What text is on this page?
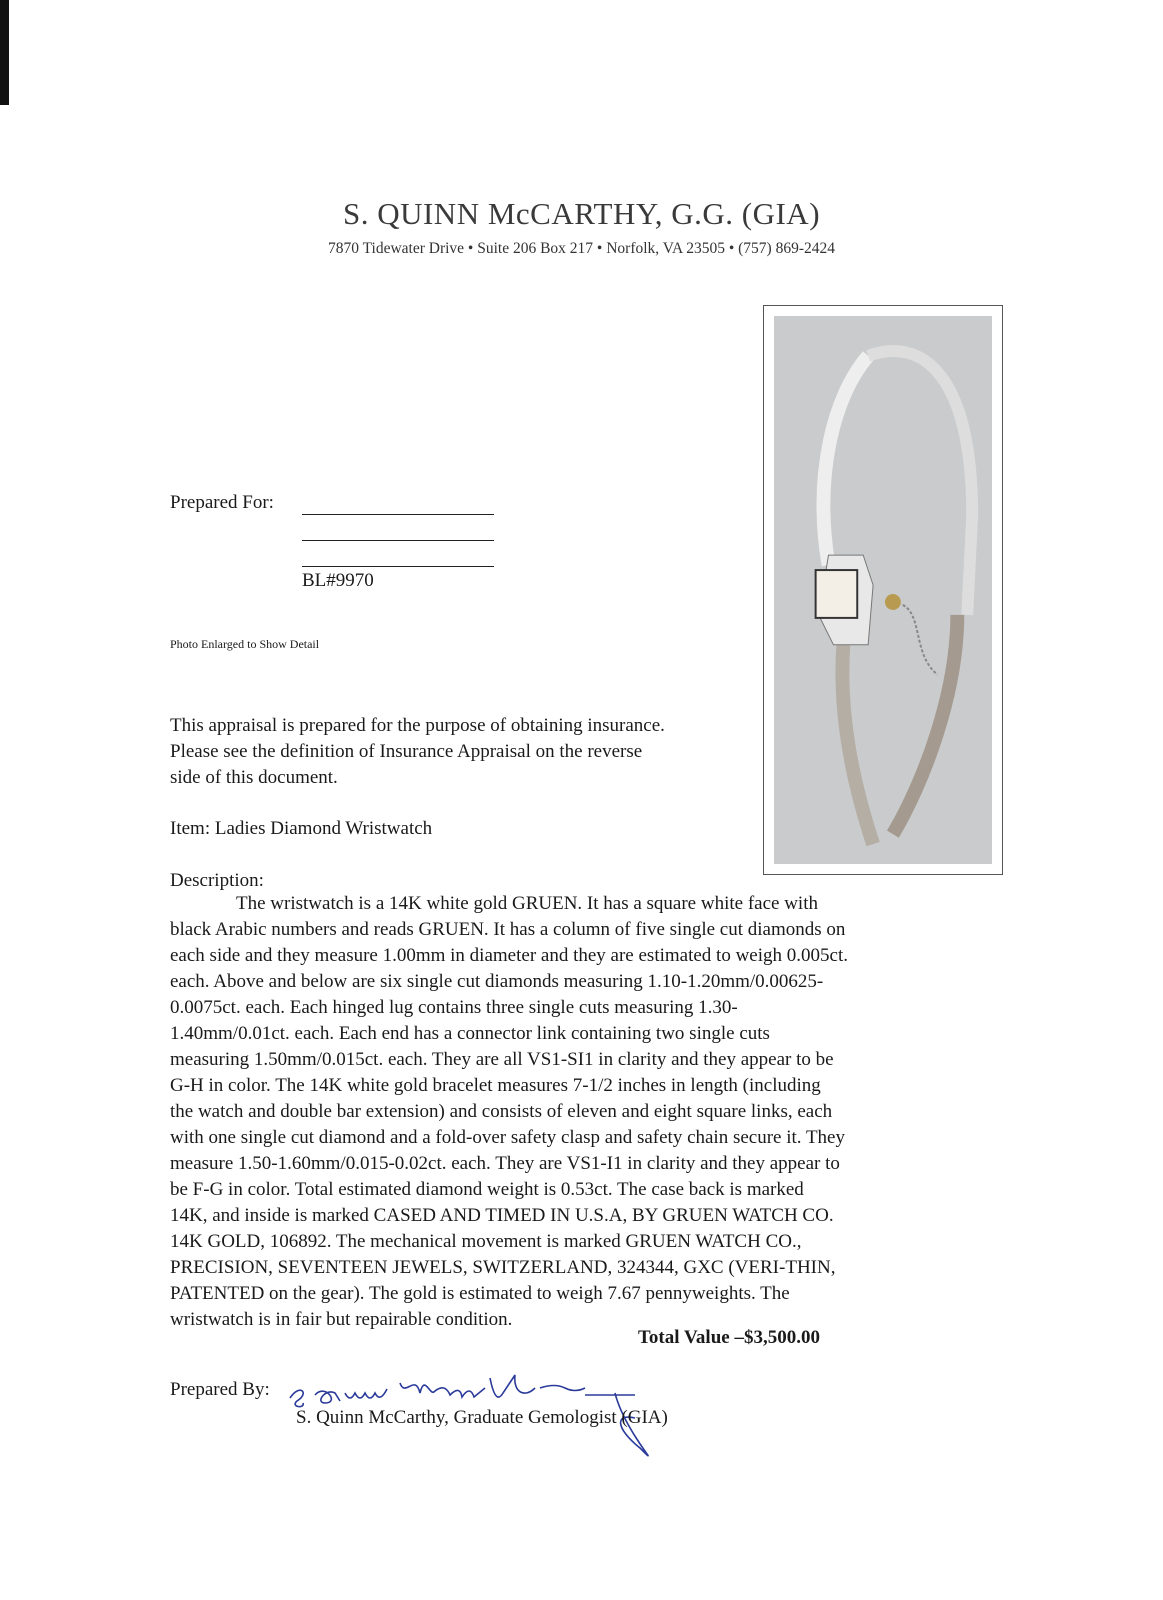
S. QUINN McCARTHY, G.G. (GIA)
7870 Tidewater Drive • Suite 206 Box 217 • Norfolk, VA 23505 • (757) 869-2424
Prepared For:
BL#9970
Photo Enlarged to Show Detail
This appraisal is prepared for the purpose of obtaining insurance.
Please see the definition of Insurance Appraisal on the reverse
side of this document.
Item: Ladies Diamond Wristwatch
Description:
The wristwatch is a 14K white gold GRUEN. It has a square white face with
black Arabic numbers and reads GRUEN. It has a column of five single cut diamonds on
each side and they measure 1.00mm in diameter and they are estimated to weigh 0.005ct.
each. Above and below are six single cut diamonds measuring 1.10-1.20mm/0.00625-
0.0075ct. each. Each hinged lug contains three single cuts measuring 1.30-
1.40mm/0.01ct. each. Each end has a connector link containing two single cuts
measuring 1.50mm/0.015ct. each. They are all VS1-SI1 in clarity and they appear to be
G-H in color. The 14K white gold bracelet measures 7-1/2 inches in length (including
the watch and double bar extension) and consists of eleven and eight square links, each
with one single cut diamond and a fold-over safety clasp and safety chain secure it. They
measure 1.50-1.60mm/0.015-0.02ct. each. They are VS1-I1 in clarity and they appear to
be F-G in color. Total estimated diamond weight is 0.53ct. The case back is marked
14K, and inside is marked CASED AND TIMED IN U.S.A, BY GRUEN WATCH CO.
14K GOLD, 106892. The mechanical movement is marked GRUEN WATCH CO.,
PRECISION, SEVENTEEN JEWELS, SWITZERLAND, 324344, GXC (VERI-THIN,
PATENTED on the gear). The gold is estimated to weigh 7.67 pennyweights. The
wristwatch is in fair but repairable condition.
Total Value –$3,500.00
Prepared By:
S. Quinn McCarthy, Graduate Gemologist (GIA)
